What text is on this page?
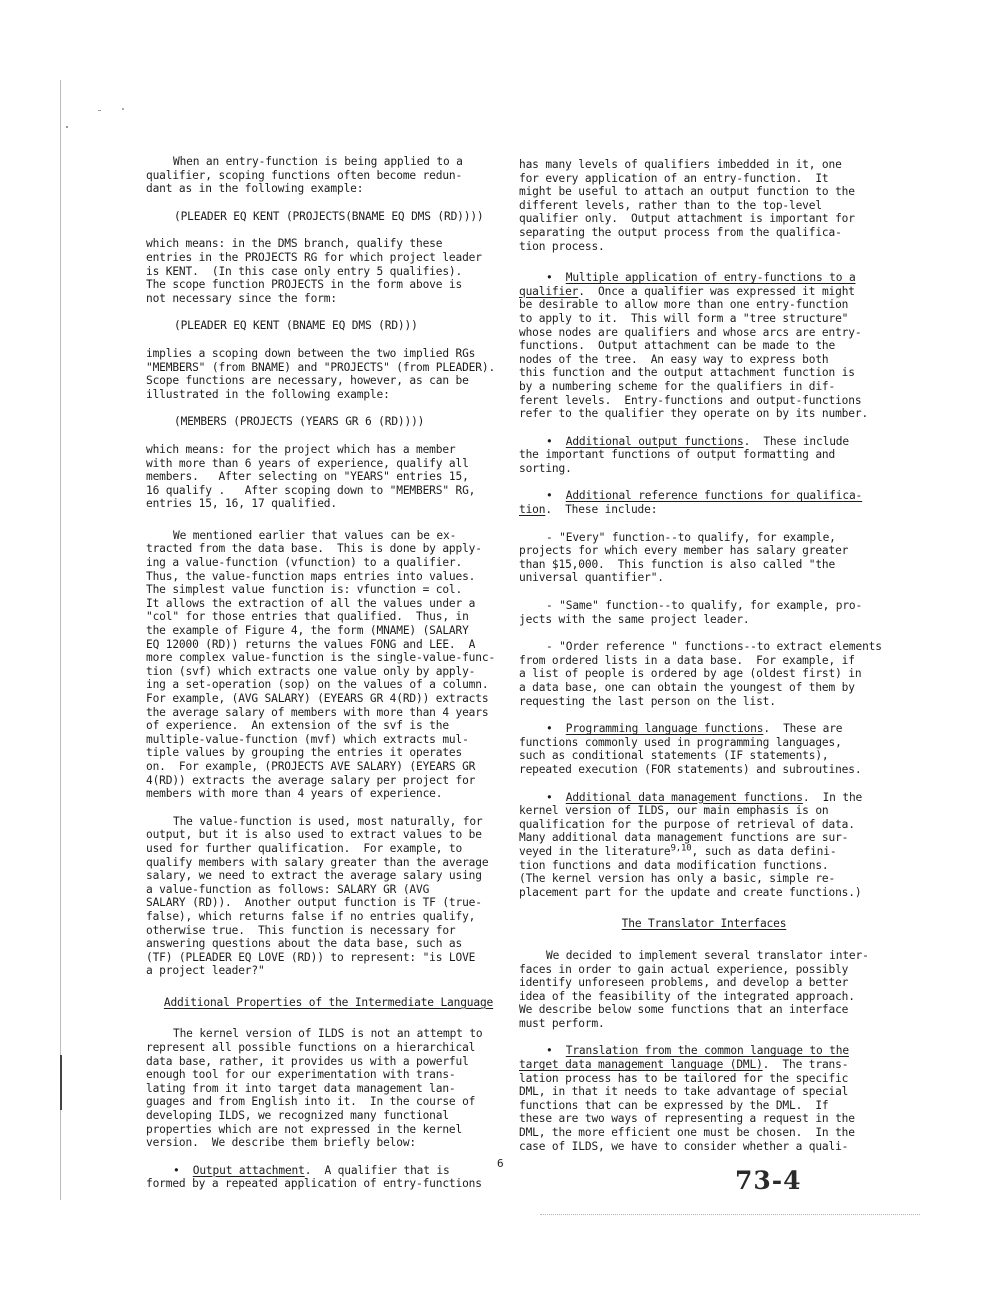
When an entry-function is being applied to a

qualifier, scoping functions often become redun-

dant as in the following example:

(PLEADER EQ KENT (PROJECTS(BNAME EQ DMS (RD))))

which means: in the DMS branch, qualify these

entries in the PROJECTS RG for which project leader

is KENT.  (In this case only entry 5 qualifies).

The scope function PROJECTS in the form above is

not necessary since the form:

(PLEADER EQ KENT (BNAME EQ DMS (RD)))

implies a scoping down between the two implied RGs

"MEMBERS" (from BNAME) and "PROJECTS" (from PLEADER).

Scope functions are necessary, however, as can be

illustrated in the following example:

(MEMBERS (PROJECTS (YEARS GR 6 (RD))))

which means: for the project which has a member

with more than 6 years of experience, qualify all

members.   After selecting on "YEARS" entries 15,

16 qualify .   After scoping down to "MEMBERS" RG,

entries 15, 16, 17 qualified.

We mentioned earlier that values can be ex-

tracted from the data base.  This is done by apply-

ing a value-function (vfunction) to a qualifier.

Thus, the value-function maps entries into values.

The simplest value function is: vfunction = col.

It allows the extraction of all the values under a

"col" for those entries that qualified.  Thus, in

the example of Figure 4, the form (MNAME) (SALARY

EQ 12000 (RD)) returns the values FONG and LEE.  A

more complex value-function is the single-value-func-

tion (svf) which extracts one value only by apply-

ing a set-operation (sop) on the values of a column.

For example, (AVG SALARY) (EYEARS GR 4(RD)) extracts

the average salary of members with more than 4 years

of experience.  An extension of the svf is the

multiple-value-function (mvf) which extracts mul-

tiple values by grouping the entries it operates

on.  For example, (PROJECTS AVE SALARY) (EYEARS GR

4(RD)) extracts the average salary per project for

members with more than 4 years of experience.

The value-function is used, most naturally, for

output, but it is also used to extract values to be

used for further qualification.  For example, to

qualify members with salary greater than the average

salary, we need to extract the average salary using

a value-function as follows: SALARY GR (AVG

SALARY (RD)).  Another output function is TF (true-

false), which returns false if no entries qualify,

otherwise true.  This function is necessary for

answering questions about the data base, such as

(TF) (PLEADER EQ LOVE (RD)) to represent: "is LOVE

a project leader?"

Additional Properties of the Intermediate Language

The kernel version of ILDS is not an attempt to

represent all possible functions on a hierarchical

data base, rather, it provides us with a powerful

enough tool for our experimentation with trans-

lating from it into target data management lan-

guages and from English into it.  In the course of

developing ILDS, we recognized many functional

properties which are not expressed in the kernel

version.  We describe them briefly below:

•  Output attachment.  A qualifier that is

formed by a repeated application of entry-functions

has many levels of qualifiers imbedded in it, one

for every application of an entry-function.  It

might be useful to attach an output function to the

different levels, rather than to the top-level

qualifier only.  Output attachment is important for

separating the output process from the qualifica-

tion process.

•  Multiple application of entry-functions to a

qualifier.  Once a qualifier was expressed it might

be desirable to allow more than one entry-function

to apply to it.  This will form a "tree structure"

whose nodes are qualifiers and whose arcs are entry-

functions.  Output attachment can be made to the

nodes of the tree.  An easy way to express both

this function and the output attachment function is

by a numbering scheme for the qualifiers in dif-

ferent levels.  Entry-functions and output-functions

refer to the qualifier they operate on by its number.

•  Additional output functions.  These include

the important functions of output formatting and

sorting.

•  Additional reference functions for qualifica-

tion.  These include:

- "Every" function--to qualify, for example,

projects for which every member has salary greater

than $15,000.  This function is also called "the

universal quantifier".

- "Same" function--to qualify, for example, pro-

jects with the same project leader.

- "Order reference " functions--to extract elements

from ordered lists in a data base.  For example, if

a list of people is ordered by age (oldest first) in

a data base, one can obtain the youngest of them by

requesting the last person on the list.

•  Programming language functions.  These are

functions commonly used in programming languages,

such as conditional statements (IF statements),

repeated execution (FOR statements) and subroutines.

•  Additional data management functions.  In the

kernel version of ILDS, our main emphasis is on

qualification for the purpose of retrieval of data.

Many additional data management functions are sur-

veyed in the literature$^{9,10}$, such as data defini-

tion functions and data modification functions.

(The kernel version has only a basic, simple re-

placement part for the update and create functions.)

The Translator Interfaces

We decided to implement several translator inter-

faces in order to gain actual experience, possibly

identify unforeseen problems, and develop a better

idea of the feasibility of the integrated approach.

We describe below some functions that an interface

must perform.

•  Translation from the common language to the

target data management language (DML).  The trans-

lation process has to be tailored for the specific

DML, in that it needs to take advantage of special

functions that can be expressed by the DML.  If

these are two ways of representing a request in the

DML, the more efficient one must be chosen.  In the

case of ILDS, we have to consider whether a quali-

6
73-4
